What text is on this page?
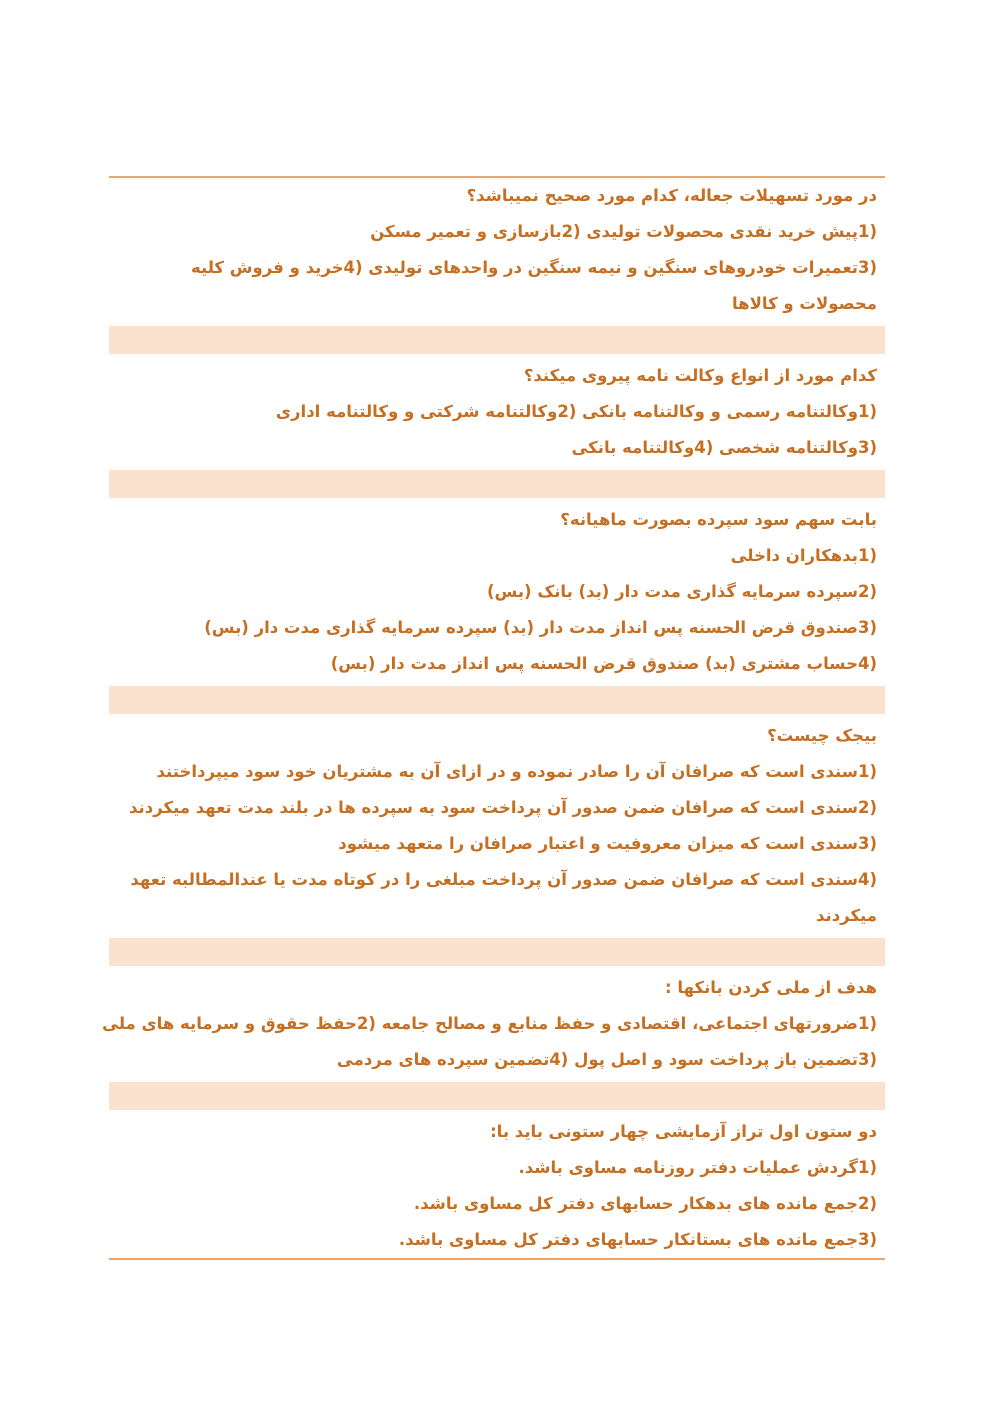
در مورد تسهیلات جعاله، کدام مورد صحیح نمیباشد؟
(1پیش خرید نقدی محصولات تولیدی (2بازسازی و تعمیر مسکن
(3تعمیرات خودروهای سنگین و نیمه سنگین در واحدهای تولیدی (4خرید و فروش کلیه
محصولات و کالاها
کدام مورد از انواع وکالت نامه پیروی میکند؟
(1وکالتنامه رسمی و وکالتنامه بانکی (2وکالتنامه شرکتی و وکالتنامه اداری
(3وکالتنامه شخصی (4وکالتنامه بانکی
بابت سهم سود سپرده بصورت ماهیانه؟
(1بدهکاران داخلی
(2سپرده سرمایه گذاری مدت دار (بد) بانک (بس)
(3صندوق قرض الحسنه پس انداز مدت دار (بد) سپرده سرمایه گذاری مدت دار (بس)
(4حساب مشتری (بد) صندوق قرض الحسنه پس انداز مدت دار (بس)
بیجک چیست؟
(1سندی است که صرافان آن را صادر نموده و در ازای آن به مشتریان خود سود میپرداختند
(2سندی است که صرافان ضمن صدور آن پرداخت سود به سپرده ها در بلند مدت تعهد میکردند
(3سندی است که میزان معروفیت و اعتبار صرافان را متعهد میشود
(4سندی است که صرافان ضمن صدور آن پرداخت مبلغی را در کوتاه مدت یا عندالمطالبه تعهد
میکردند
هدف از ملی کردن بانکها :
(1ضرورتهای اجتماعی، اقتصادی و حفظ منابع و مصالح جامعه (2حفظ حقوق و سرمایه های ملی
(3تضمین باز پرداخت سود و اصل پول (4تضمین سپرده های مردمی
دو ستون اول تراز آزمایشی چهار ستونی باید با:
(1گردش عملیات دفتر روزنامه مساوی باشد.
(2جمع مانده های بدهکار حسابهای دفتر کل مساوی باشد.
(3جمع مانده های بستانکار حسابهای دفتر کل مساوی باشد.
